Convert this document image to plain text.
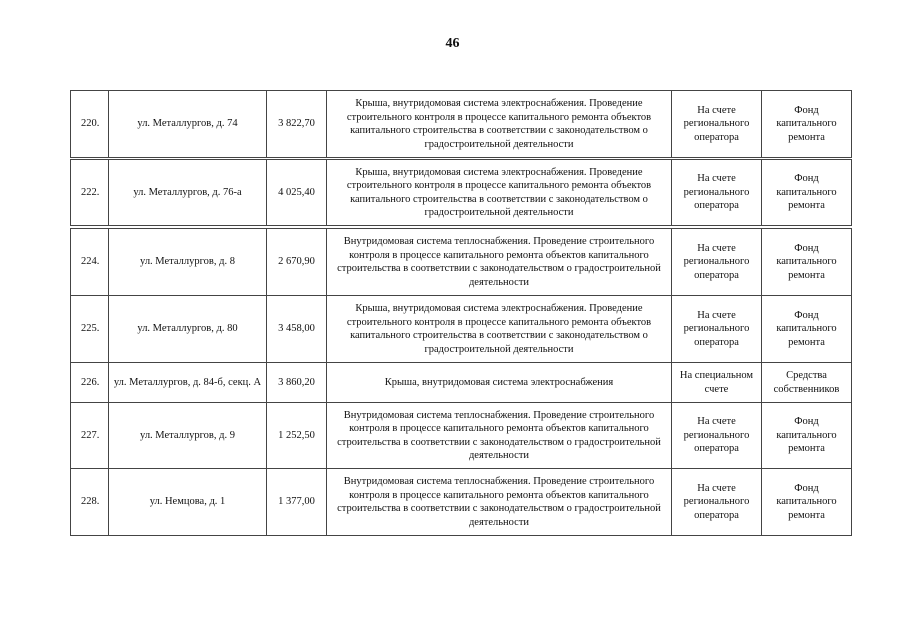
46
220.	ул. Металлургов, д. 74	3 822,70	Крыша, внутридомовая система электроснабжения. Проведение строительного контроля в процессе капитального ремонта объектов капитального строительства в соответствии с законодательством о градостроительной деятельности	На счете регионального оператора	Фонд капитального ремонта
222.	ул. Металлургов, д. 76-а	4 025,40	Крыша, внутридомовая система электроснабжения. Проведение строительного контроля в процессе капитального ремонта объектов капитального строительства в соответствии с законодательством о градостроительной деятельности	На счете регионального оператора	Фонд капитального ремонта
224.	ул. Металлургов, д. 8	2 670,90	Внутридомовая система теплоснабжения. Проведение строительного контроля в процессе капитального ремонта объектов капитального строительства в соответствии с законодательством о градостроительной деятельности	На счете регионального оператора	Фонд капитального ремонта
225.	ул. Металлургов, д. 80	3 458,00	Крыша, внутридомовая система электроснабжения. Проведение строительного контроля в процессе капитального ремонта объектов капитального строительства в соответствии с законодательством о градостроительной деятельности	На счете регионального оператора	Фонд капитального ремонта
226.	ул. Металлургов, д. 84-б, секц. А	3 860,20	Крыша, внутридомовая система электроснабжения	На специальном счете	Средства собственников
227.	ул. Металлургов, д. 9	1 252,50	Внутридомовая система теплоснабжения. Проведение строительного контроля в процессе капитального ремонта объектов капитального строительства в соответствии с законодательством о градостроительной деятельности	На счете регионального оператора	Фонд капитального ремонта
228.	ул. Немцова, д. 1	1 377,00	Внутридомовая система теплоснабжения. Проведение строительного контроля в процессе капитального ремонта объектов капитального строительства в соответствии с законодательством о градостроительной деятельности	На счете регионального оператора	Фонд капитального ремонта
